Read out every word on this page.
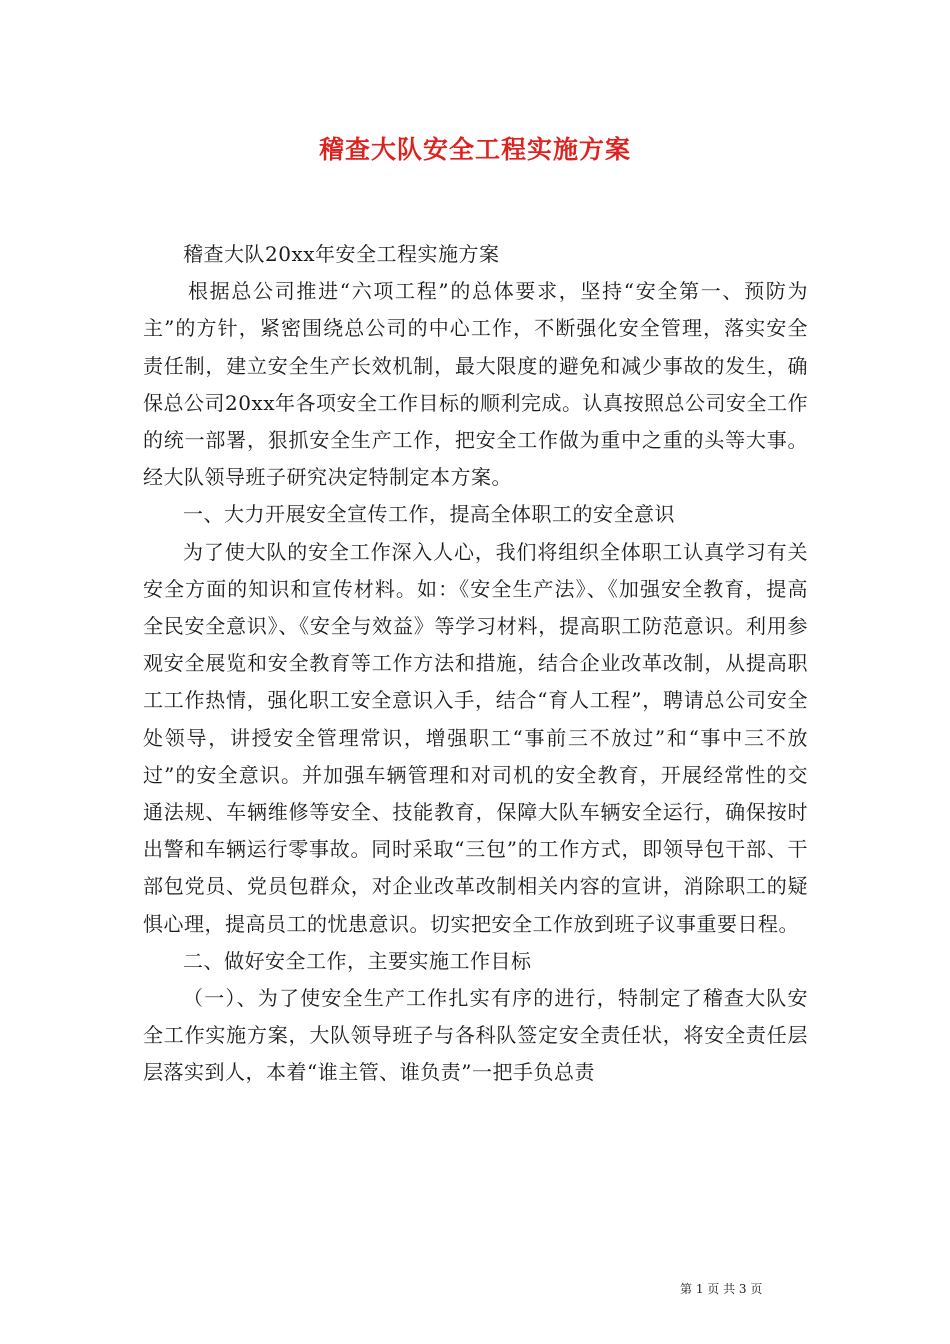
稽查大队安全工程实施方案

稽查大队20xx年安全工程实施方案

根据总公司推进“六项工程”的总体要求，坚持“安全第一、预防为主”的方针，紧密围绕总公司的中心工作，不断强化安全管理，落实安全责任制，建立安全生产长效机制，最大限度的避免和减少事故的发生，确保总公司20xx年各项安全工作目标的顺利完成。认真按照总公司安全工作的统一部署，狠抓安全生产工作，把安全工作做为重中之重的头等大事。经大队领导班子研究决定特制定本方案。

一、大力开展安全宣传工作，提高全体职工的安全意识

为了使大队的安全工作深入人心，我们将组织全体职工认真学习有关安全方面的知识和宣传材料。如：《安全生产法》、《加强安全教育，提高全民安全意识》、《安全与效益》等学习材料，提高职工防范意识。利用参观安全展览和安全教育等工作方法和措施，结合企业改革改制，从提高职工工作热情，强化职工安全意识入手，结合“育人工程”，聘请总公司安全处领导，讲授安全管理常识，增强职工“事前三不放过”和“事中三不放过”的安全意识。并加强车辆管理和对司机的安全教育，开展经常性的交通法规、车辆维修等安全、技能教育，保障大队车辆安全运行，确保按时出警和车辆运行零事故。同时采取“三包”的工作方式，即领导包干部、干部包党员、党员包群众，对企业改革改制相关内容的宣讲，消除职工的疑惧心理，提高员工的忧患意识。切实把安全工作放到班子议事重要日程。

二、做好安全工作，主要实施工作目标

（一）、为了使安全生产工作扎实有序的进行，特制定了稽查大队安全工作实施方案，大队领导班子与各科队签定安全责任状，将安全责任层层落实到人，本着“谁主管、谁负责”一把手负总责

第 1 页 共 3 页
